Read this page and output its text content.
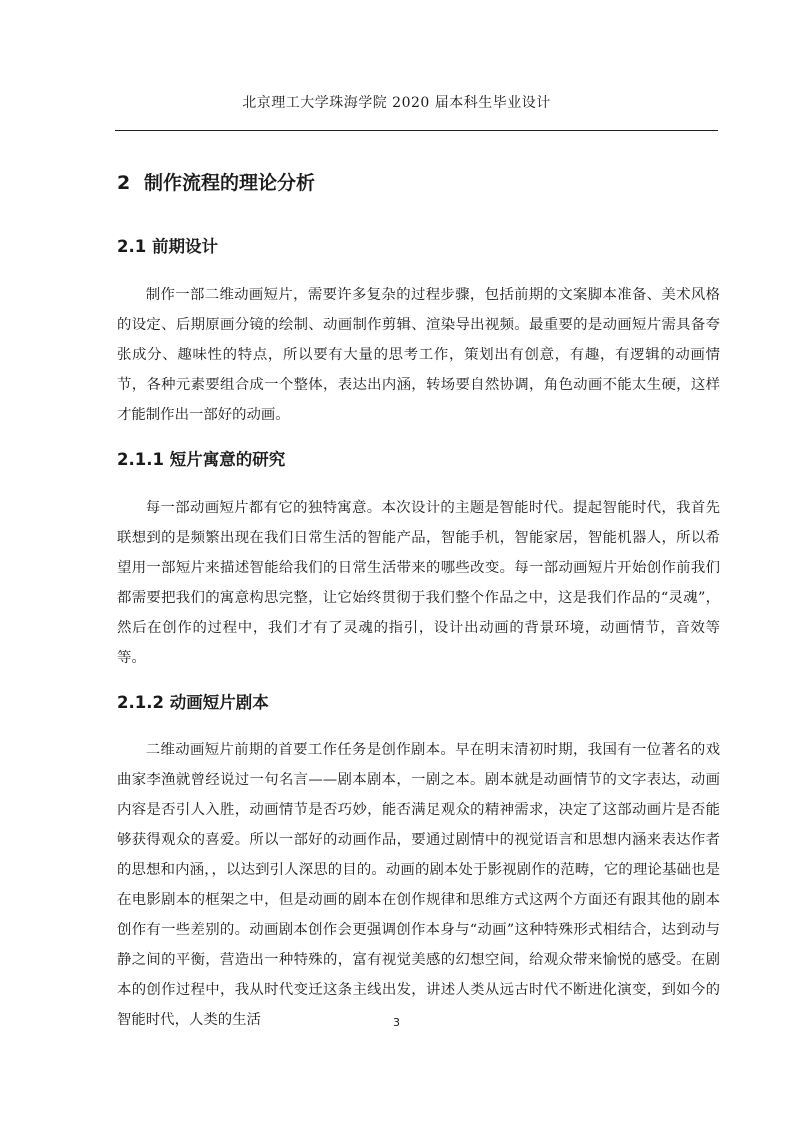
北京理工大学珠海学院 2020 届本科生毕业设计
2 制作流程的理论分析
2.1 前期设计

制作一部二维动画短片，需要许多复杂的过程步骤，包括前期的文案脚本准备、美术风格的设定、后期原画分镜的绘制、动画制作剪辑、渲染导出视频。最重要的是动画短片需具备夸张成分、趣味性的特点，所以要有大量的思考工作，策划出有创意，有趣，有逻辑的动画情节，各种元素要组合成一个整体，表达出内涵，转场要自然协调，角色动画不能太生硬，这样才能制作出一部好的动画。

2.1.1 短片寓意的研究

每一部动画短片都有它的独特寓意。本次设计的主题是智能时代。提起智能时代，我首先联想到的是频繁出现在我们日常生活的智能产品，智能手机，智能家居，智能机器人，所以希望用一部短片来描述智能给我们的日常生活带来的哪些改变。每一部动画短片开始创作前我们都需要把我们的寓意构思完整，让它始终贯彻于我们整个作品之中，这是我们作品的“灵魂”，然后在创作的过程中，我们才有了灵魂的指引，设计出动画的背景环境，动画情节，音效等等。

2.1.2 动画短片剧本

二维动画短片前期的首要工作任务是创作剧本。早在明末清初时期，我国有一位著名的戏曲家李渔就曾经说过一句名言——剧本剧本，一剧之本。剧本就是动画情节的文字表达，动画内容是否引人入胜，动画情节是否巧妙，能否满足观众的精神需求，决定了这部动画片是否能够获得观众的喜爱。所以一部好的动画作品，要通过剧情中的视觉语言和思想内涵来表达作者的思想和内涵，，以达到引人深思的目的。动画的剧本处于影视剧作的范畴，它的理论基础也是在电影剧本的框架之中，但是动画的剧本在创作规律和思维方式这两个方面还有跟其他的剧本创作有一些差别的。动画剧本创作会更强调创作本身与“动画”这种特殊形式相结合，达到动与静之间的平衡，营造出一种特殊的，富有视觉美感的幻想空间，给观众带来愉悦的感受。在剧本的创作过程中，我从时代变迁这条主线出发，讲述人类从远古时代不断进化演变，到如今的智能时代，人类的生活	3
